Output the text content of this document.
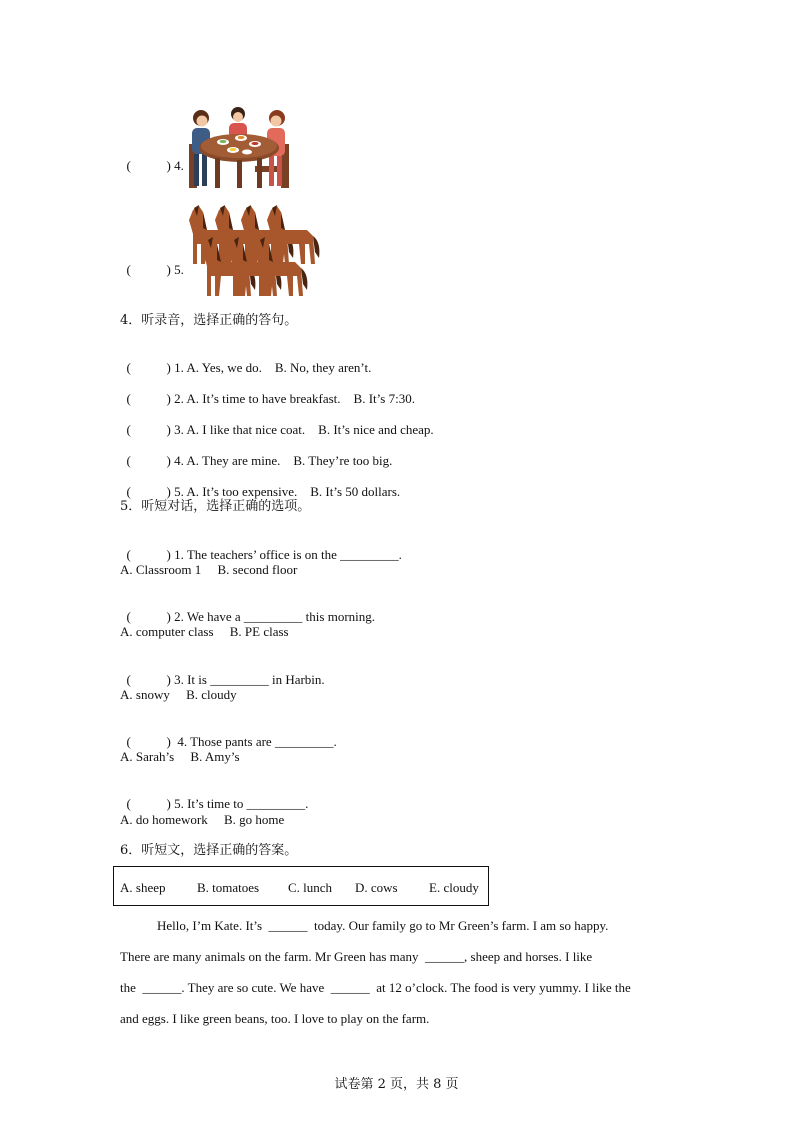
(	) 4.

(	) 5.

4．听录音，选择正确的答句。

(	) 1. A. Yes, we do. B. No, they aren’t.

(	) 2. A. It’s time to have breakfast. B. It’s 7:30.

(	) 3. A. I like that nice coat. B. It’s nice and cheap.

(	) 4. A. They are mine. B. They’re too big.

(	) 5. A. It’s too expensive. B. It’s 50 dollars.

5．听短对话，选择正确的选项。

(	) 1. The teachers’ office is on the _________.

A. Classroom 1     B. second floor

(	) 2. We have a _________ this morning.

A. computer class     B. PE class

(	) 3. It is _________ in Harbin.

A. snowy     B. cloudy

(	)  4. Those pants are _________.

A. Sarah’s     B. Amy’s

(	) 5. It’s time to _________.

A. do homework     B. go home
6．听短文，选择正确的答案。
A. sheep B. tomatoes C. lunch D. cows E. cloudy
Hello, I’m Kate. It’s  ______  today. Our family go to Mr Green’s farm. I am so happy.
There are many animals on the farm. Mr Green has many  ______, sheep and horses. I like
the  ______. They are so cute. We have  ______  at 12 o’clock. The food is very yummy. I like the
and eggs. I like green beans, too. I love to play on the farm.
试卷第 2 页，共 8 页
